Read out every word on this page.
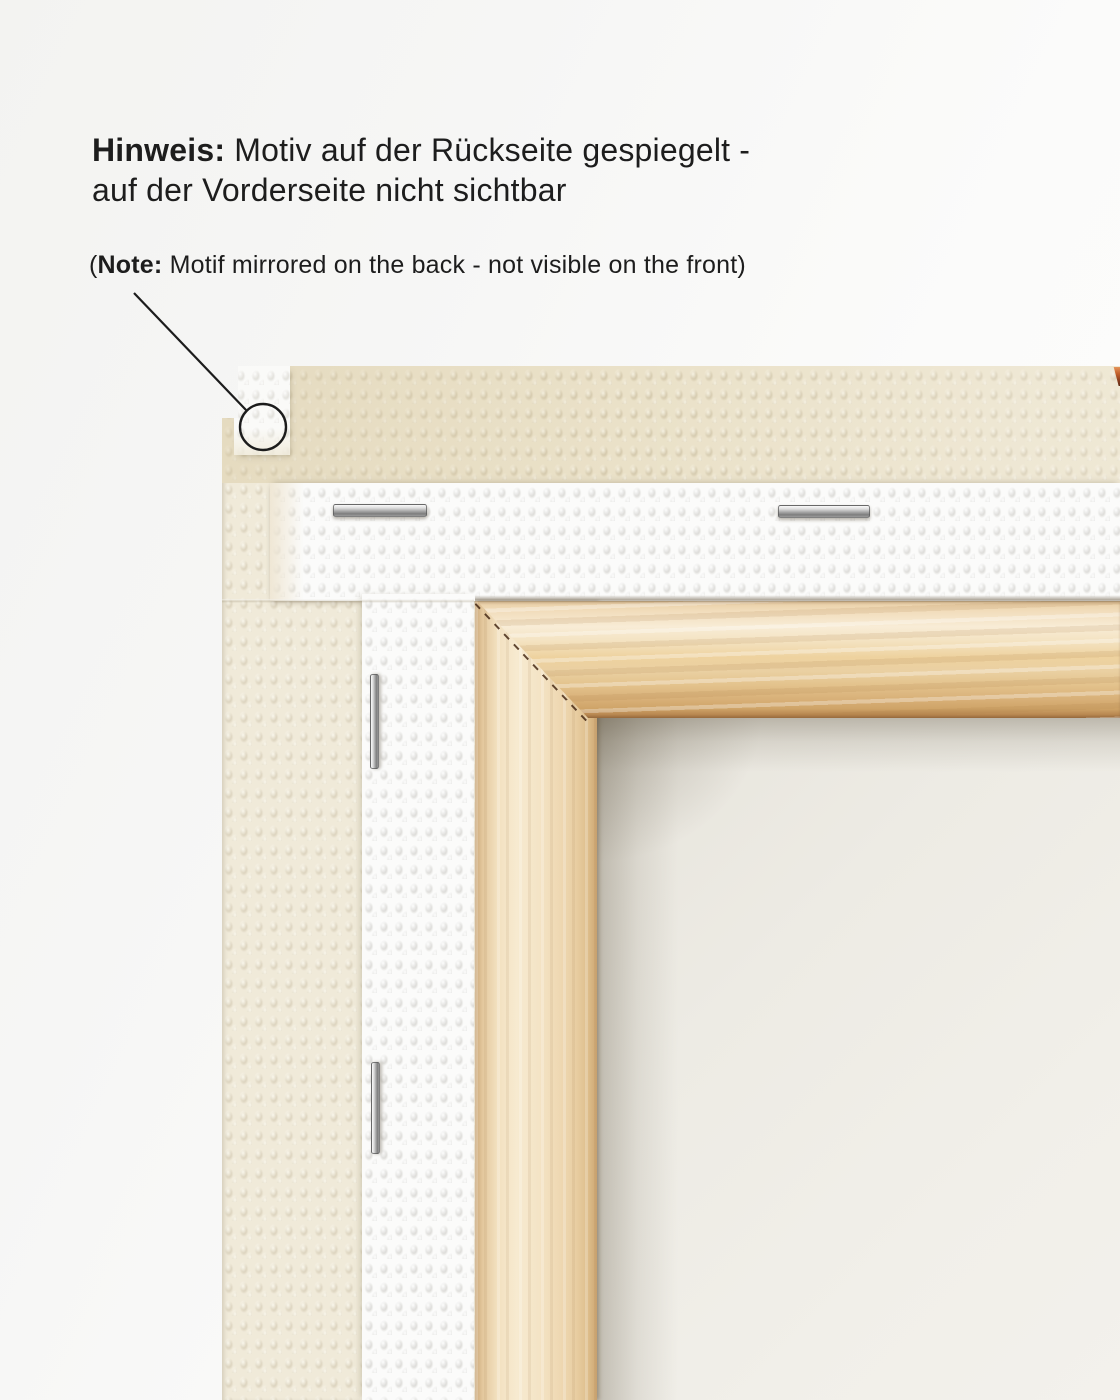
Hinweis: Motiv auf der Rückseite gespiegelt -
auf der Vorderseite nicht sichtbar
(Note: Motif mirrored on the back - not visible on the front)
